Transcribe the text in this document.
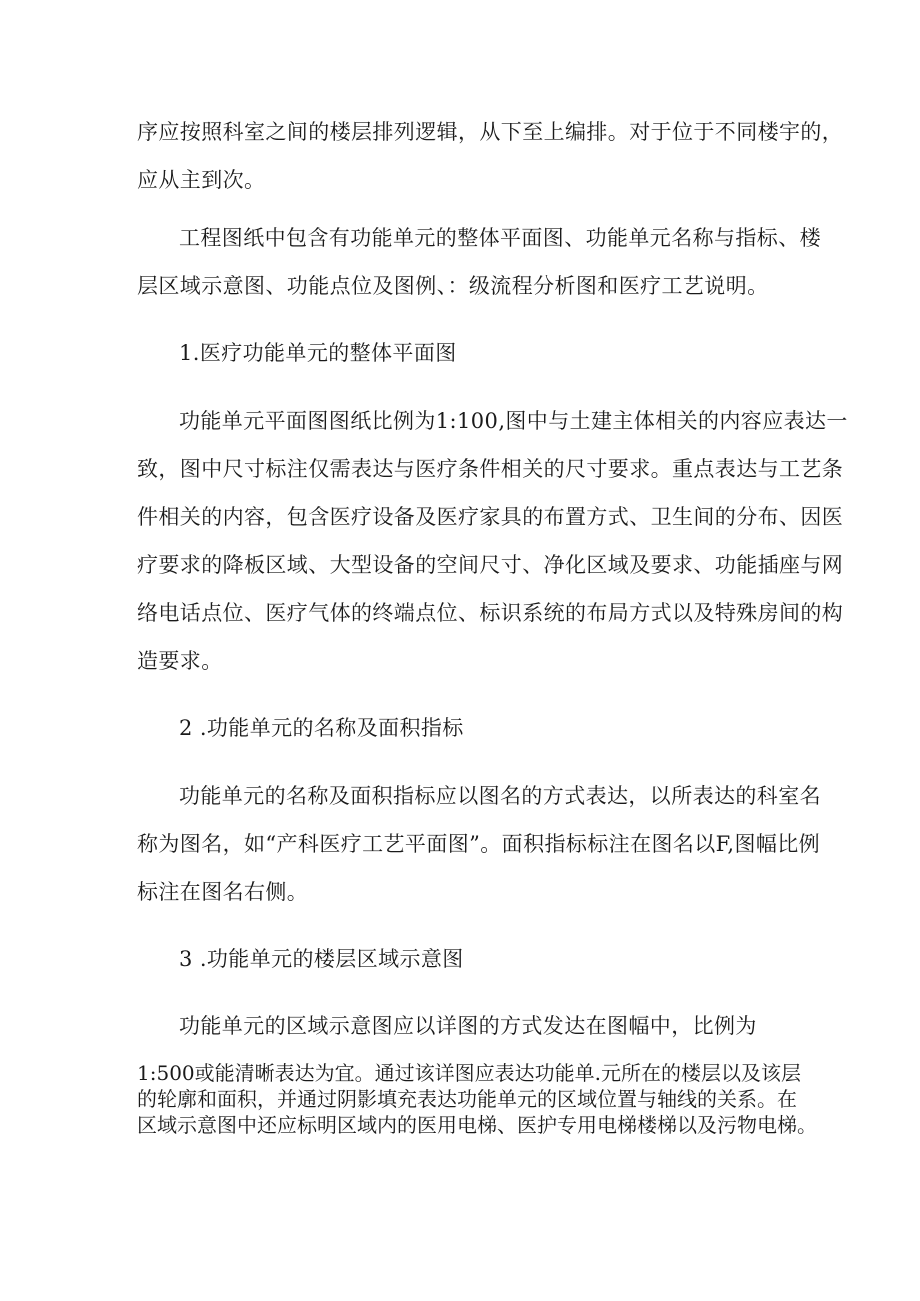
序应按照科室之间的楼层排列逻辑，从下至上编排。对于位于不同楼宇的，

应从主到次。

工程图纸中包含有功能单元的整体平面图、功能单元名称与指标、楼

层区域示意图、功能点位及图例、：级流程分析图和医疗工艺说明。

1.医疗功能单元的整体平面图

功能单元平面图图纸比例为1:100,图中与土建主体相关的内容应表达一

致，图中尺寸标注仅需表达与医疗条件相关的尺寸要求。重点表达与工艺条

件相关的内容，包含医疗设备及医疗家具的布置方式、卫生间的分布、因医

疗要求的降板区域、大型设备的空间尺寸、净化区域及要求、功能插座与网

络电话点位、医疗气体的终端点位、标识系统的布局方式以及特殊房间的构

造要求。

2 .功能单元的名称及面积指标

功能单元的名称及面积指标应以图名的方式表达，以所表达的科室名

称为图名，如“产科医疗工艺平面图”。面积指标标注在图名以F,图幅比例

标注在图名右侧。

3 .功能单元的楼层区域示意图

功能单元的区域示意图应以详图的方式发达在图幅中，比例为

1:500或能清晰表达为宜。通过该详图应表达功能单.元所在的楼层以及该层

的轮廓和面积，并通过阴影填充表达功能单元的区域位置与轴线的关系。在

区域示意图中还应标明区域内的医用电梯、医护专用电梯楼梯以及污物电梯。
